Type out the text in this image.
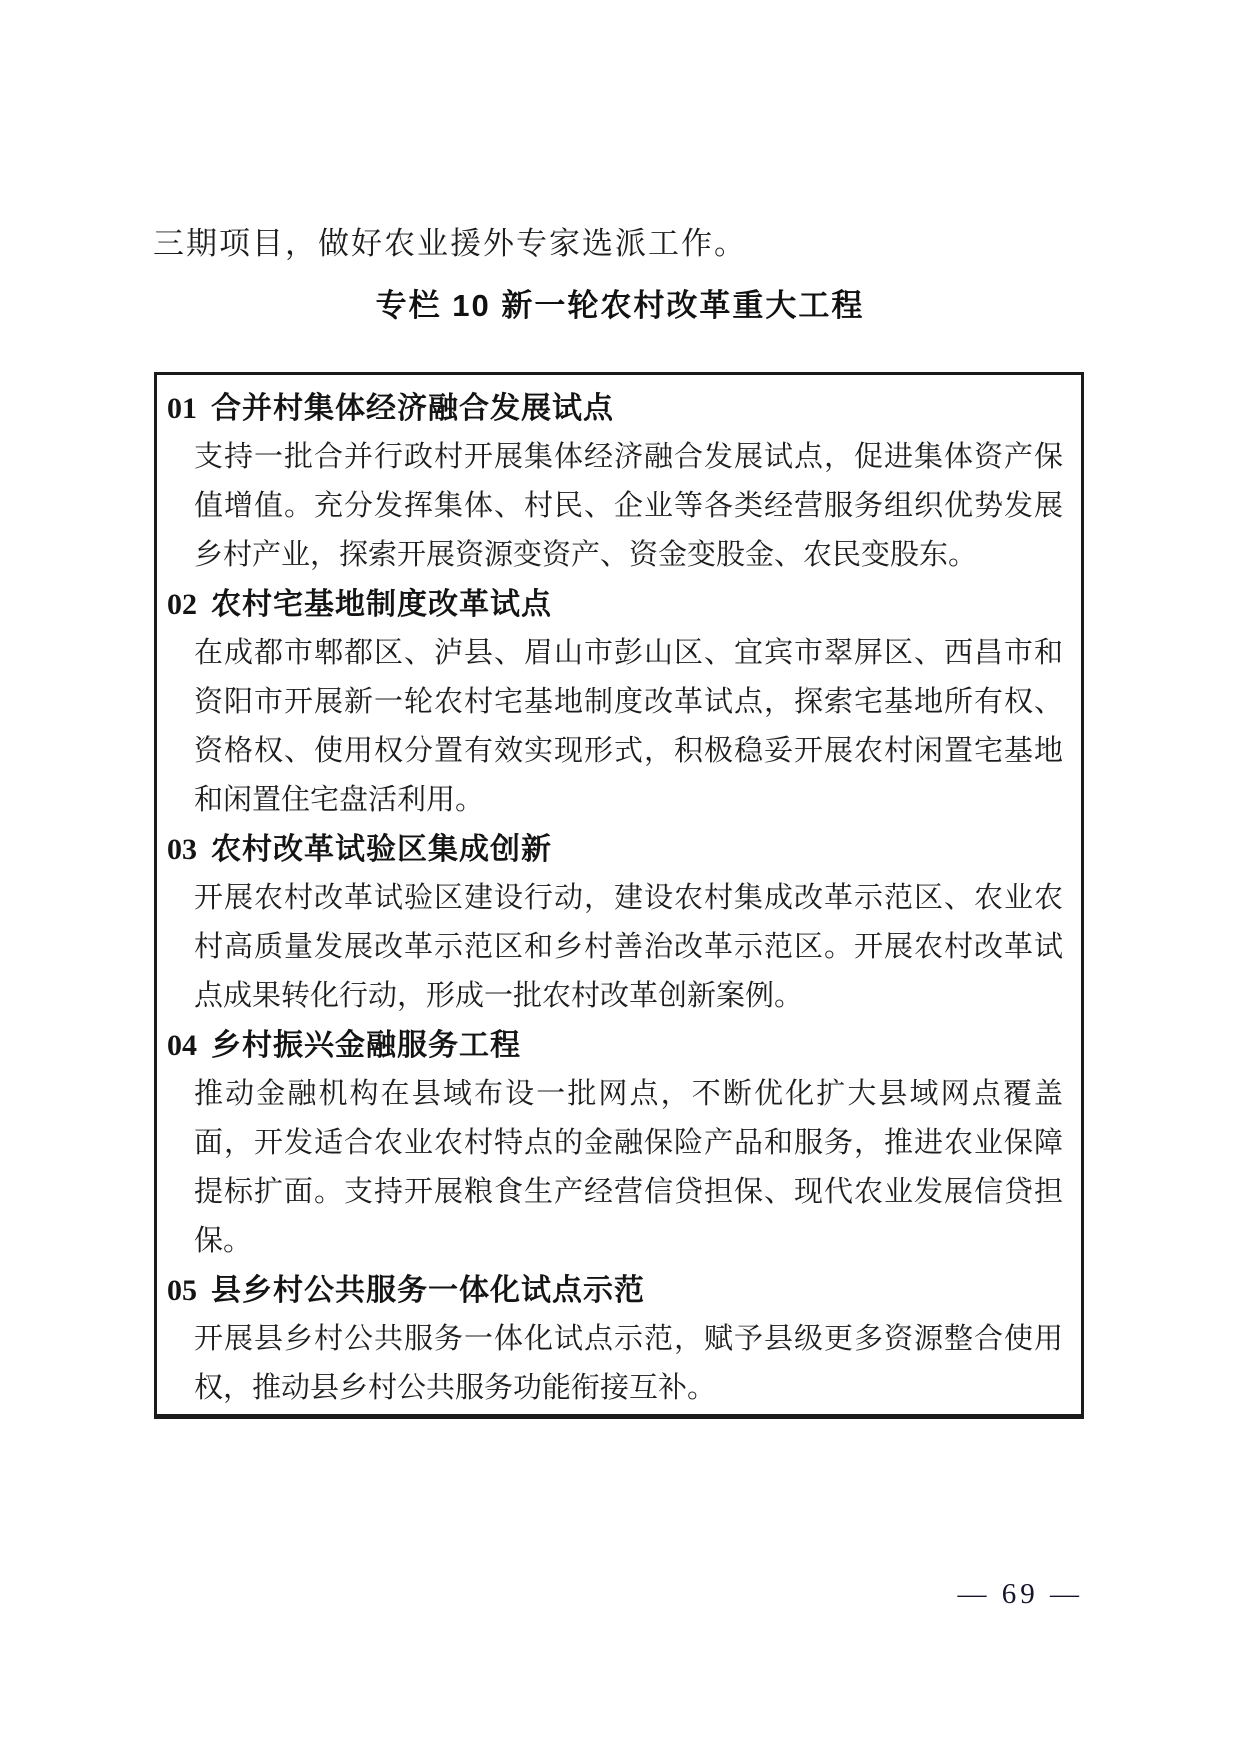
三期项目，做好农业援外专家选派工作。
专栏 10 新一轮农村改革重大工程
01 合并村集体经济融合发展试点

支持一批合并行政村开展集体经济融合发展试点，促进集体资产保值增值。充分发挥集体、村民、企业等各类经营服务组织优势发展乡村产业，探索开展资源变资产、资金变股金、农民变股东。

02 农村宅基地制度改革试点

在成都市郫都区、泸县、眉山市彭山区、宜宾市翠屏区、西昌市和资阳市开展新一轮农村宅基地制度改革试点，探索宅基地所有权、资格权、使用权分置有效实现形式，积极稳妥开展农村闲置宅基地和闲置住宅盘活利用。

03 农村改革试验区集成创新

开展农村改革试验区建设行动，建设农村集成改革示范区、农业农村高质量发展改革示范区和乡村善治改革示范区。开展农村改革试点成果转化行动，形成一批农村改革创新案例。

04 乡村振兴金融服务工程

推动金融机构在县域布设一批网点，不断优化扩大县域网点覆盖面，开发适合农业农村特点的金融保险产品和服务，推进农业保障提标扩面。支持开展粮食生产经营信贷担保、现代农业发展信贷担保。

05 县乡村公共服务一体化试点示范

开展县乡村公共服务一体化试点示范，赋予县级更多资源整合使用权，推动县乡村公共服务功能衔接互补。

— 69 —
